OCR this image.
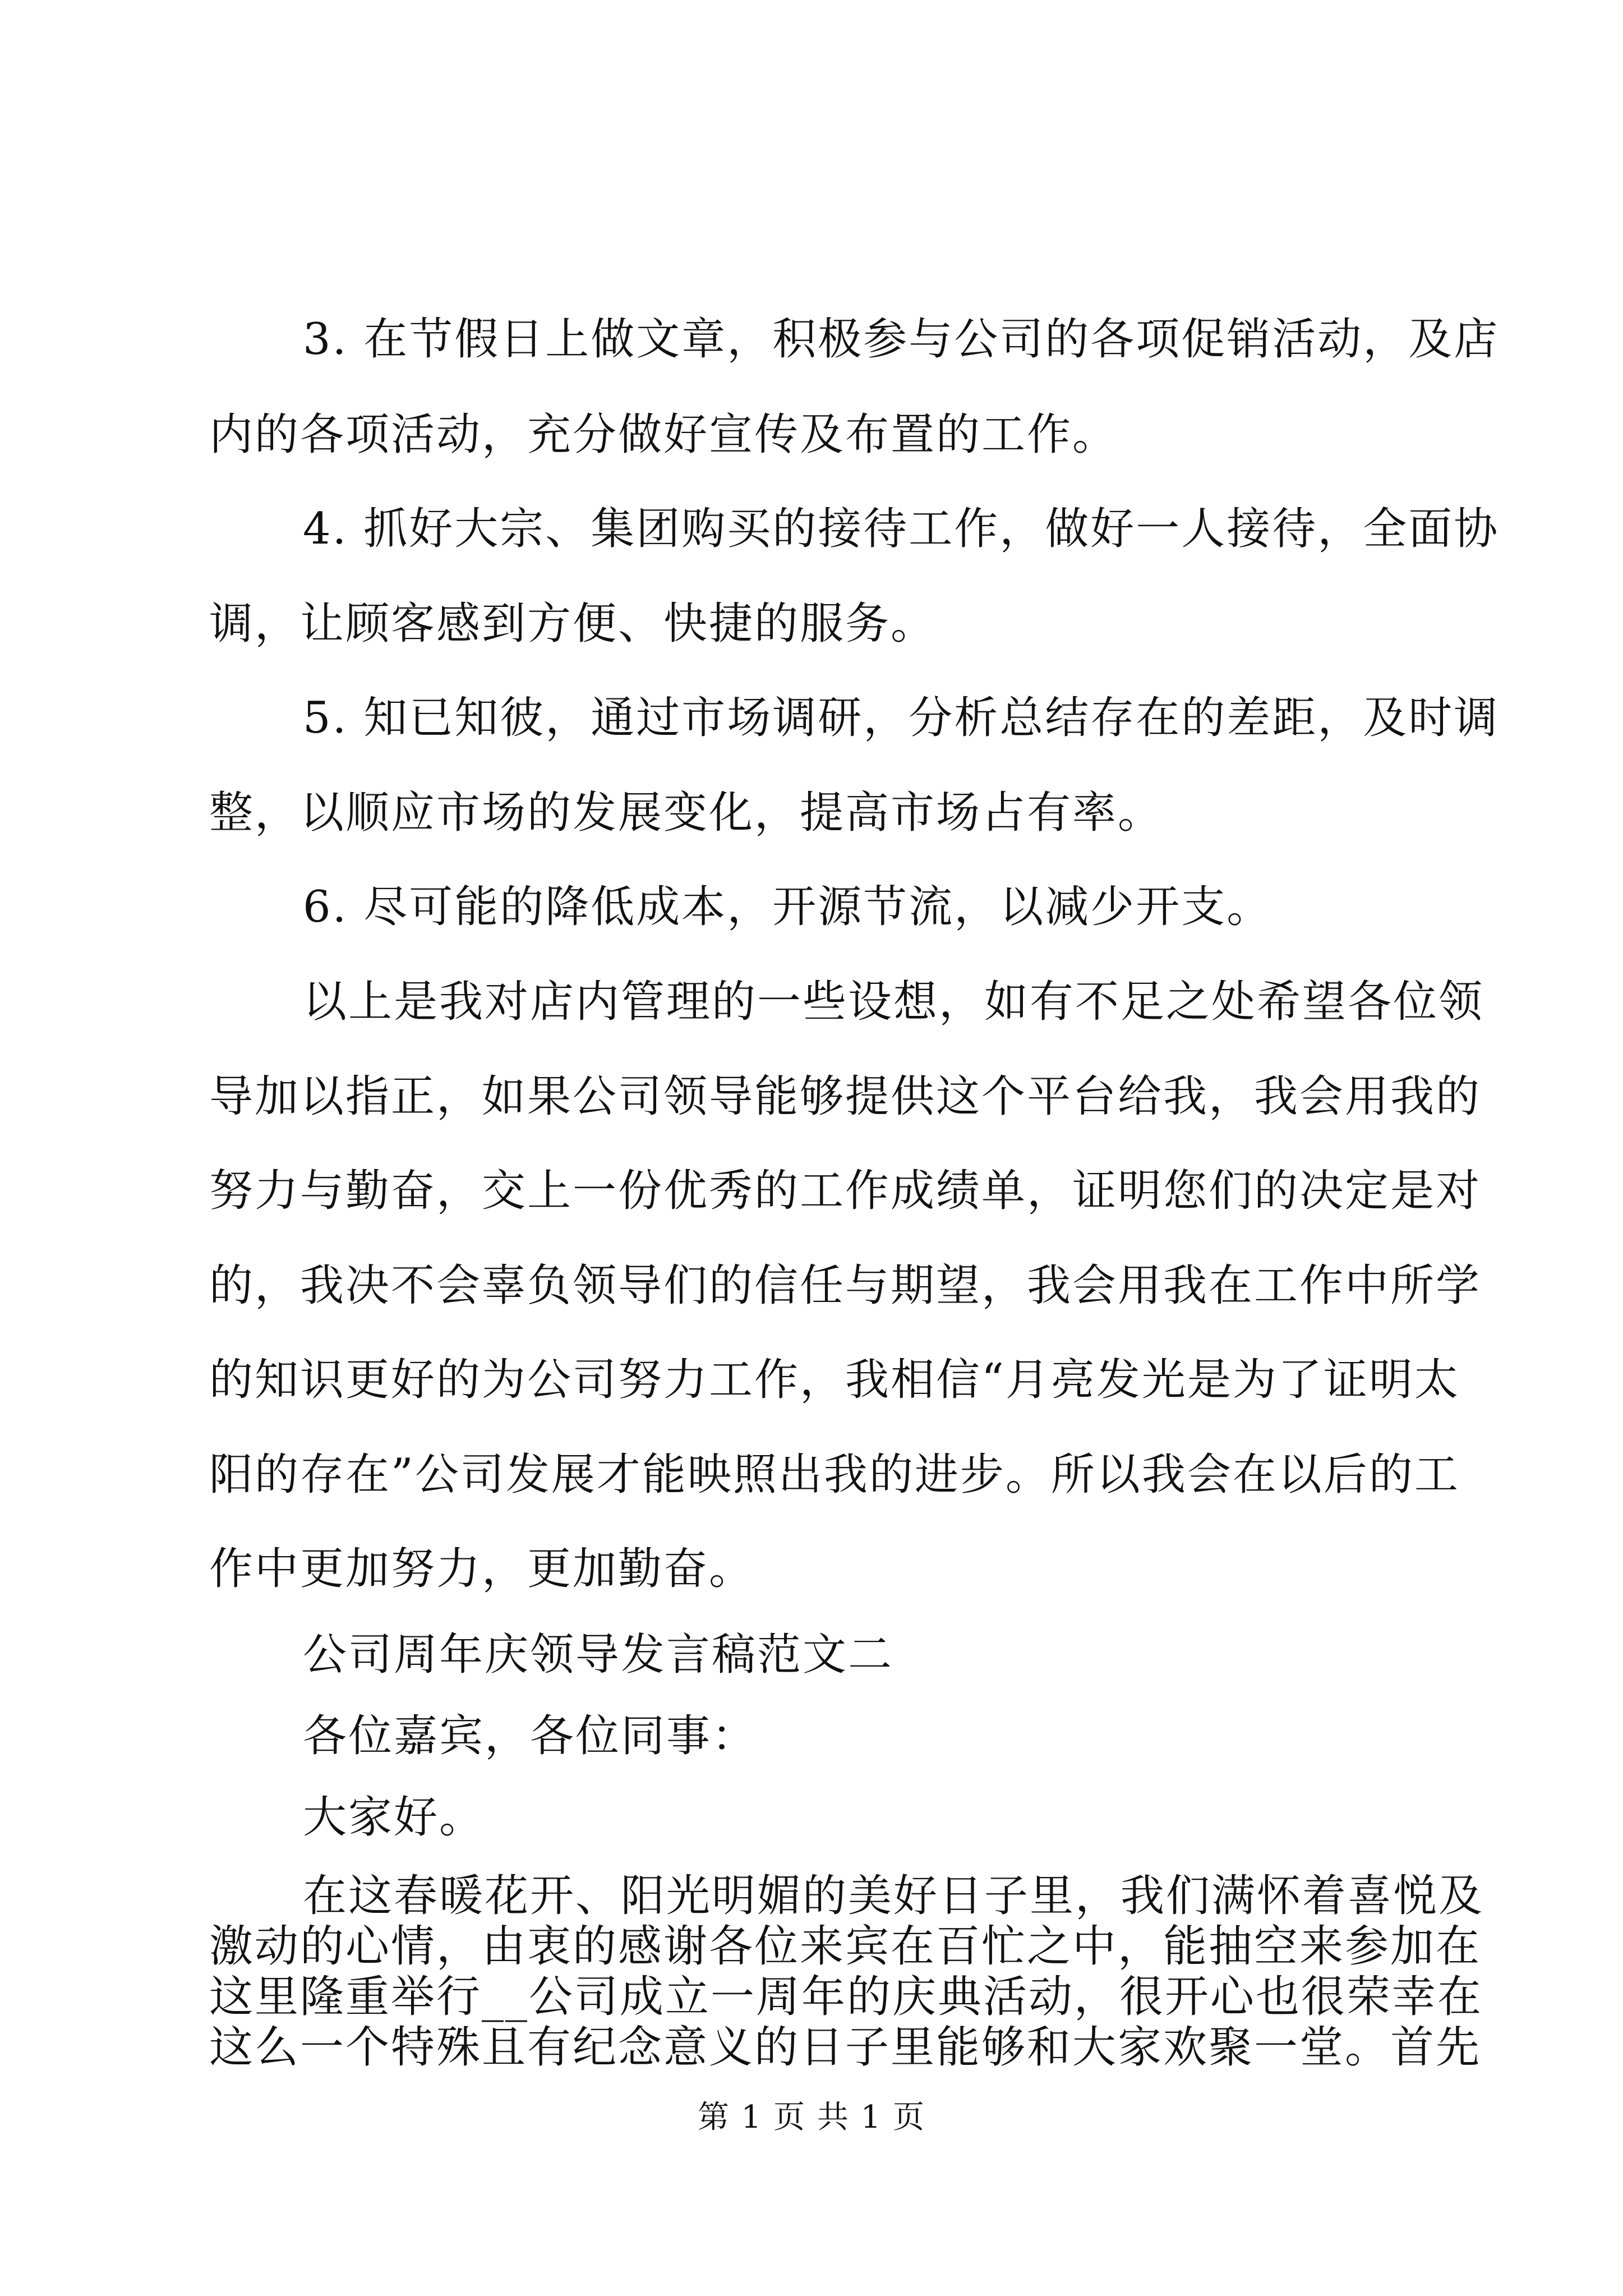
3. 在节假日上做文章，积极参与公司的各项促销活动，及店
内的各项活动，充分做好宣传及布置的工作。
4. 抓好大宗、集团购买的接待工作，做好一人接待，全面协
调，让顾客感到方便、快捷的服务。
5. 知已知彼，通过市场调研，分析总结存在的差距，及时调
整，以顺应市场的发展变化，提高市场占有率。
6. 尽可能的降低成本，开源节流，以减少开支。
以上是我对店内管理的一些设想，如有不足之处希望各位领
导加以指正，如果公司领导能够提供这个平台给我，我会用我的
努力与勤奋，交上一份优秀的工作成绩单，证明您们的决定是对
的，我决不会辜负领导们的信任与期望，我会用我在工作中所学
的知识更好的为公司努力工作，我相信“月亮发光是为了证明太
阳的存在”公司发展才能映照出我的进步。所以我会在以后的工
作中更加努力，更加勤奋。
公司周年庆领导发言稿范文二
各位嘉宾，各位同事：
大家好。
在这春暖花开、阳光明媚的美好日子里，我们满怀着喜悦及
激动的心情，由衷的感谢各位来宾在百忙之中，能抽空来参加在
这里隆重举行__公司成立一周年的庆典活动，很开心也很荣幸在
这么一个特殊且有纪念意义的日子里能够和大家欢聚一堂。首先
第 1 页 共 1 页
